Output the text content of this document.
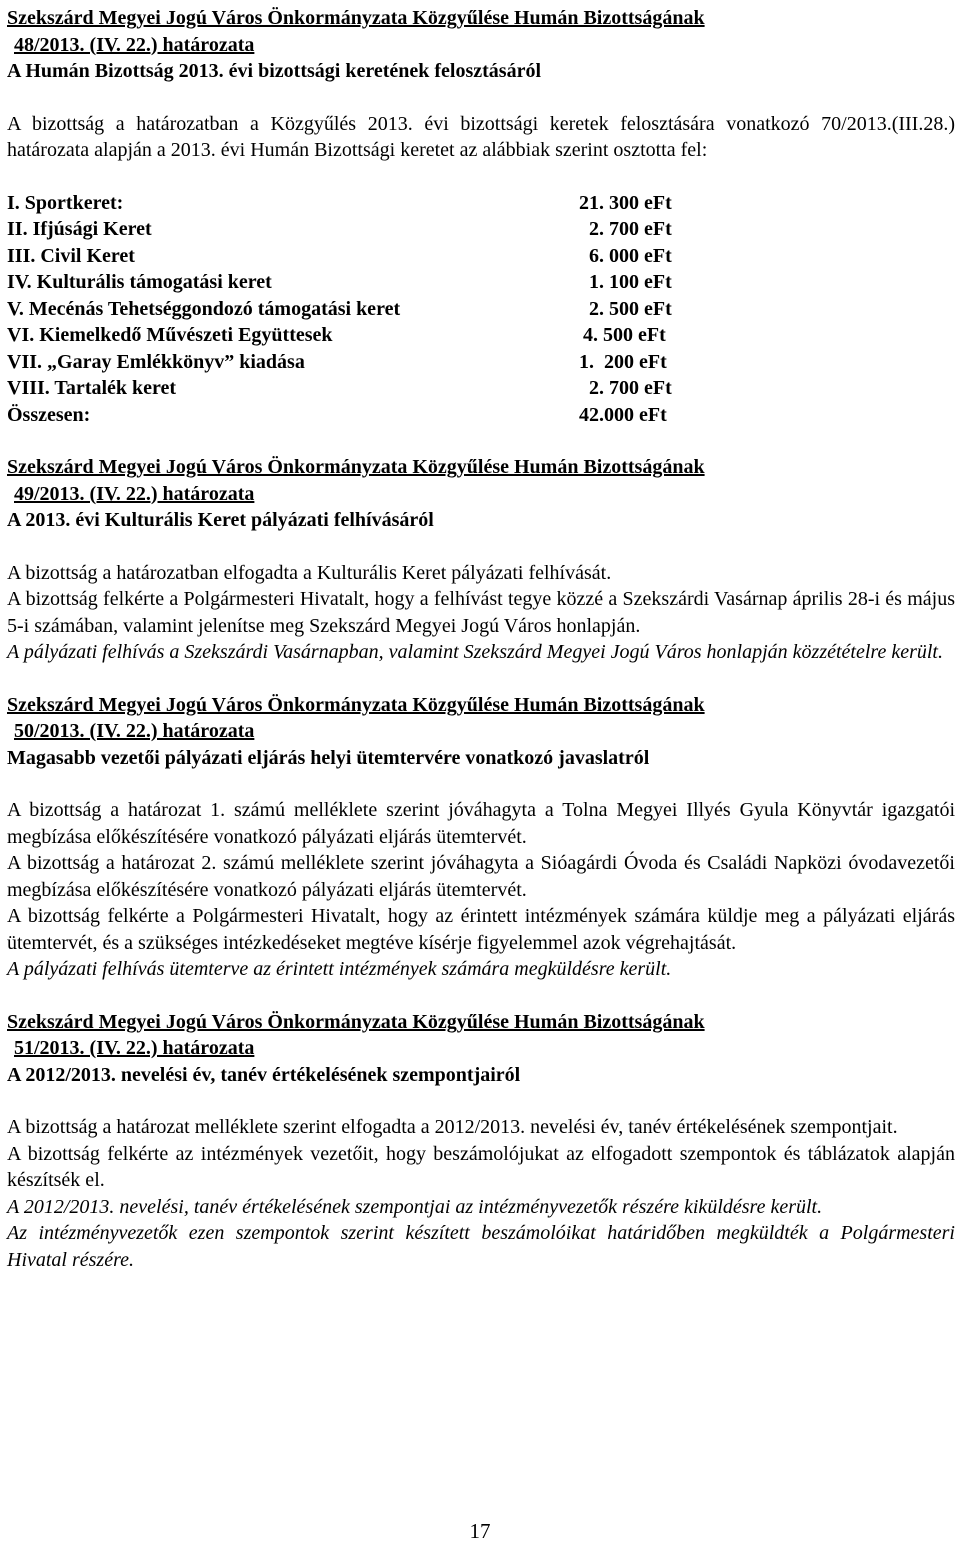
Szekszárd Megyei Jogú Város Önkormányzata Közgyűlése Humán Bizottságának

48/2013. (IV. 22.) határozata

A Humán Bizottság 2013. évi bizottsági keretének felosztásáról

A bizottság a határozatban a Közgyűlés 2013. évi bizottsági keretek felosztására vonatkozó 70/2013.(III.28.) határozata alapján a 2013. évi Humán Bizottsági keretet az alábbiak szerint osztotta fel:

I. Sportkeret:	21. 300 eFt
II. Ifjúsági Keret	2. 700 eFt
III. Civil Keret	6. 000 eFt
IV. Kulturális támogatási keret	1. 100 eFt
V. Mecénás Tehetséggondozó támogatási keret	2. 500 eFt
VI. Kiemelkedő Művészeti Együttesek	4. 500 eFt
VII. „Garay Emlékkönyv” kiadása	1.  200 eFt
VIII. Tartalék keret	2. 700 eFt
Összesen:	42.000 eFt

Szekszárd Megyei Jogú Város Önkormányzata Közgyűlése Humán Bizottságának

49/2013. (IV. 22.) határozata

A 2013. évi Kulturális Keret pályázati felhívásáról

A bizottság a határozatban elfogadta a Kulturális Keret pályázati felhívását.

A bizottság felkérte a Polgármesteri Hivatalt, hogy a felhívást tegye közzé a Szekszárdi Vasárnap április 28-i és május 5-i számában, valamint jelenítse meg Szekszárd Megyei Jogú Város honlapján.

A pályázati felhívás a Szekszárdi Vasárnapban, valamint Szekszárd Megyei Jogú Város honlapján közzétételre került.

Szekszárd Megyei Jogú Város Önkormányzata Közgyűlése Humán Bizottságának

50/2013. (IV. 22.) határozata

Magasabb vezetői pályázati eljárás helyi ütemtervére vonatkozó javaslatról

A bizottság a határozat 1. számú melléklete szerint jóváhagyta a Tolna Megyei Illyés Gyula Könyvtár igazgatói megbízása előkészítésére vonatkozó pályázati eljárás ütemtervét.

A bizottság a határozat 2. számú melléklete szerint jóváhagyta a Sióagárdi Óvoda és Családi Napközi óvodavezetői megbízása előkészítésére vonatkozó pályázati eljárás ütemtervét.

A bizottság felkérte a Polgármesteri Hivatalt, hogy az érintett intézmények számára küldje meg a pályázati eljárás ütemtervét, és a szükséges intézkedéseket megtéve kísérje figyelemmel azok végrehajtását.

A pályázati felhívás ütemterve az érintett intézmények számára megküldésre került.

Szekszárd Megyei Jogú Város Önkormányzata Közgyűlése Humán Bizottságának

51/2013. (IV. 22.) határozata

A 2012/2013. nevelési év, tanév értékelésének szempontjairól

A bizottság a határozat melléklete szerint elfogadta a 2012/2013. nevelési év, tanév értékelésének szempontjait.

A bizottság felkérte az intézmények vezetőit, hogy beszámolójukat az elfogadott szempontok és táblázatok alapján készítsék el.

A 2012/2013. nevelési, tanév értékelésének szempontjai az intézményvezetők részére kiküldésre került.

Az intézményvezetők ezen szempontok szerint készített beszámolóikat határidőben megküldték a Polgármesteri Hivatal részére.

17
